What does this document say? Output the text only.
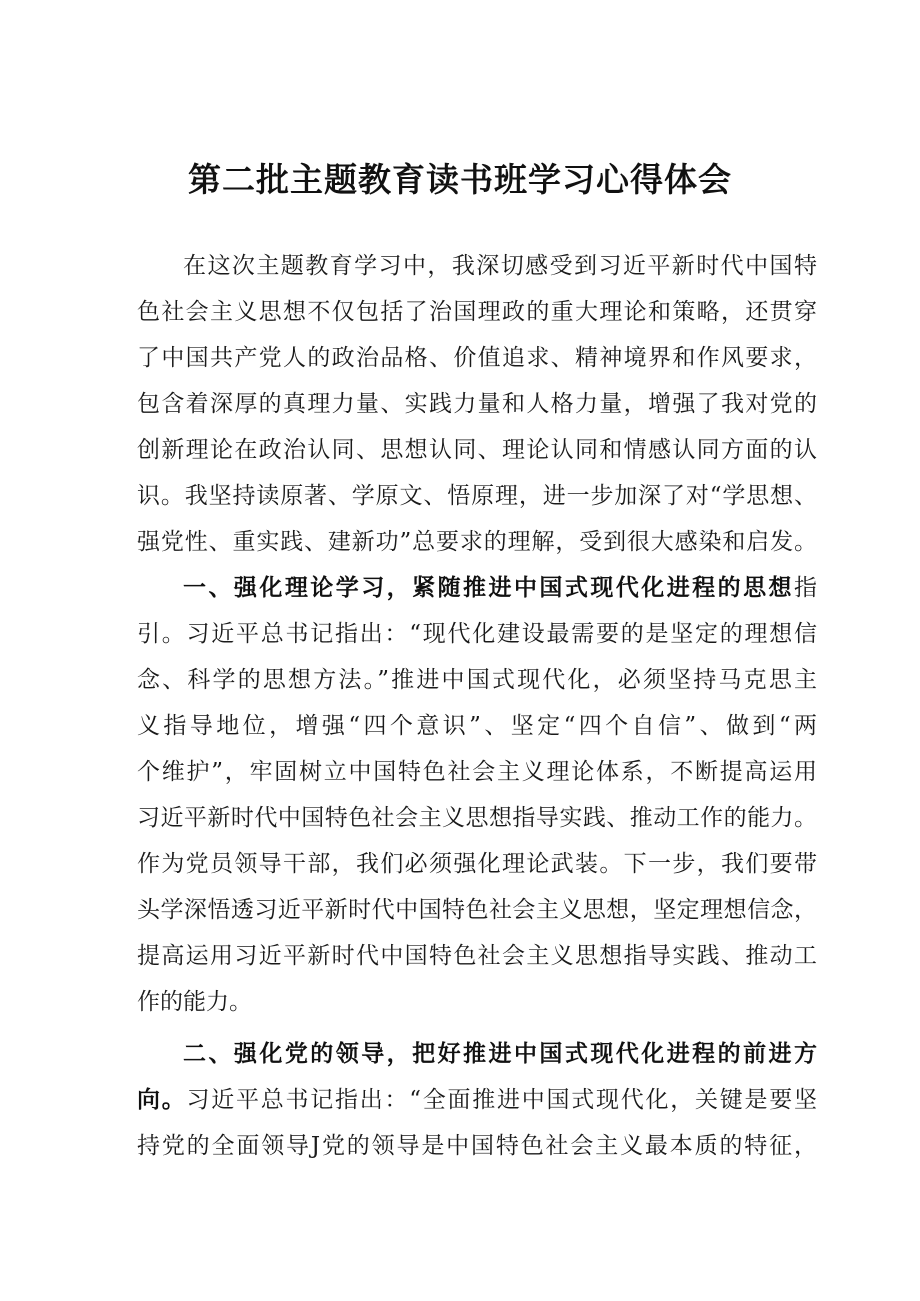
第二批主题教育读书班学习心得体会
在这次主题教育学习中，我深切感受到习近平新时代中国特
色社会主义思想不仅包括了治国理政的重大理论和策略，还贯穿
了中国共产党人的政治品格、价值追求、精神境界和作风要求，
包含着深厚的真理力量、实践力量和人格力量，增强了我对党的
创新理论在政治认同、思想认同、理论认同和情感认同方面的认
识。我坚持读原著、学原文、悟原理，进一步加深了对“学思想、
强党性、重实践、建新功”总要求的理解，受到很大感染和启发。
一、强化理论学习，紧随推进中国式现代化进程的思想指
引。习近平总书记指出：“现代化建设最需要的是坚定的理想信
念、科学的思想方法。”推进中国式现代化，必须坚持马克思主
义指导地位，增强“四个意识”、坚定“四个自信”、做到“两
个维护”，牢固树立中国特色社会主义理论体系，不断提高运用
习近平新时代中国特色社会主义思想指导实践、推动工作的能力。
作为党员领导干部，我们必须强化理论武装。下一步，我们要带
头学深悟透习近平新时代中国特色社会主义思想，坚定理想信念，
提高运用习近平新时代中国特色社会主义思想指导实践、推动工
作的能力。
二、强化党的领导，把好推进中国式现代化进程的前进方
向。习近平总书记指出：“全面推进中国式现代化，关键是要坚
持党的全面领导J党的领导是中国特色社会主义最本质的特征，
